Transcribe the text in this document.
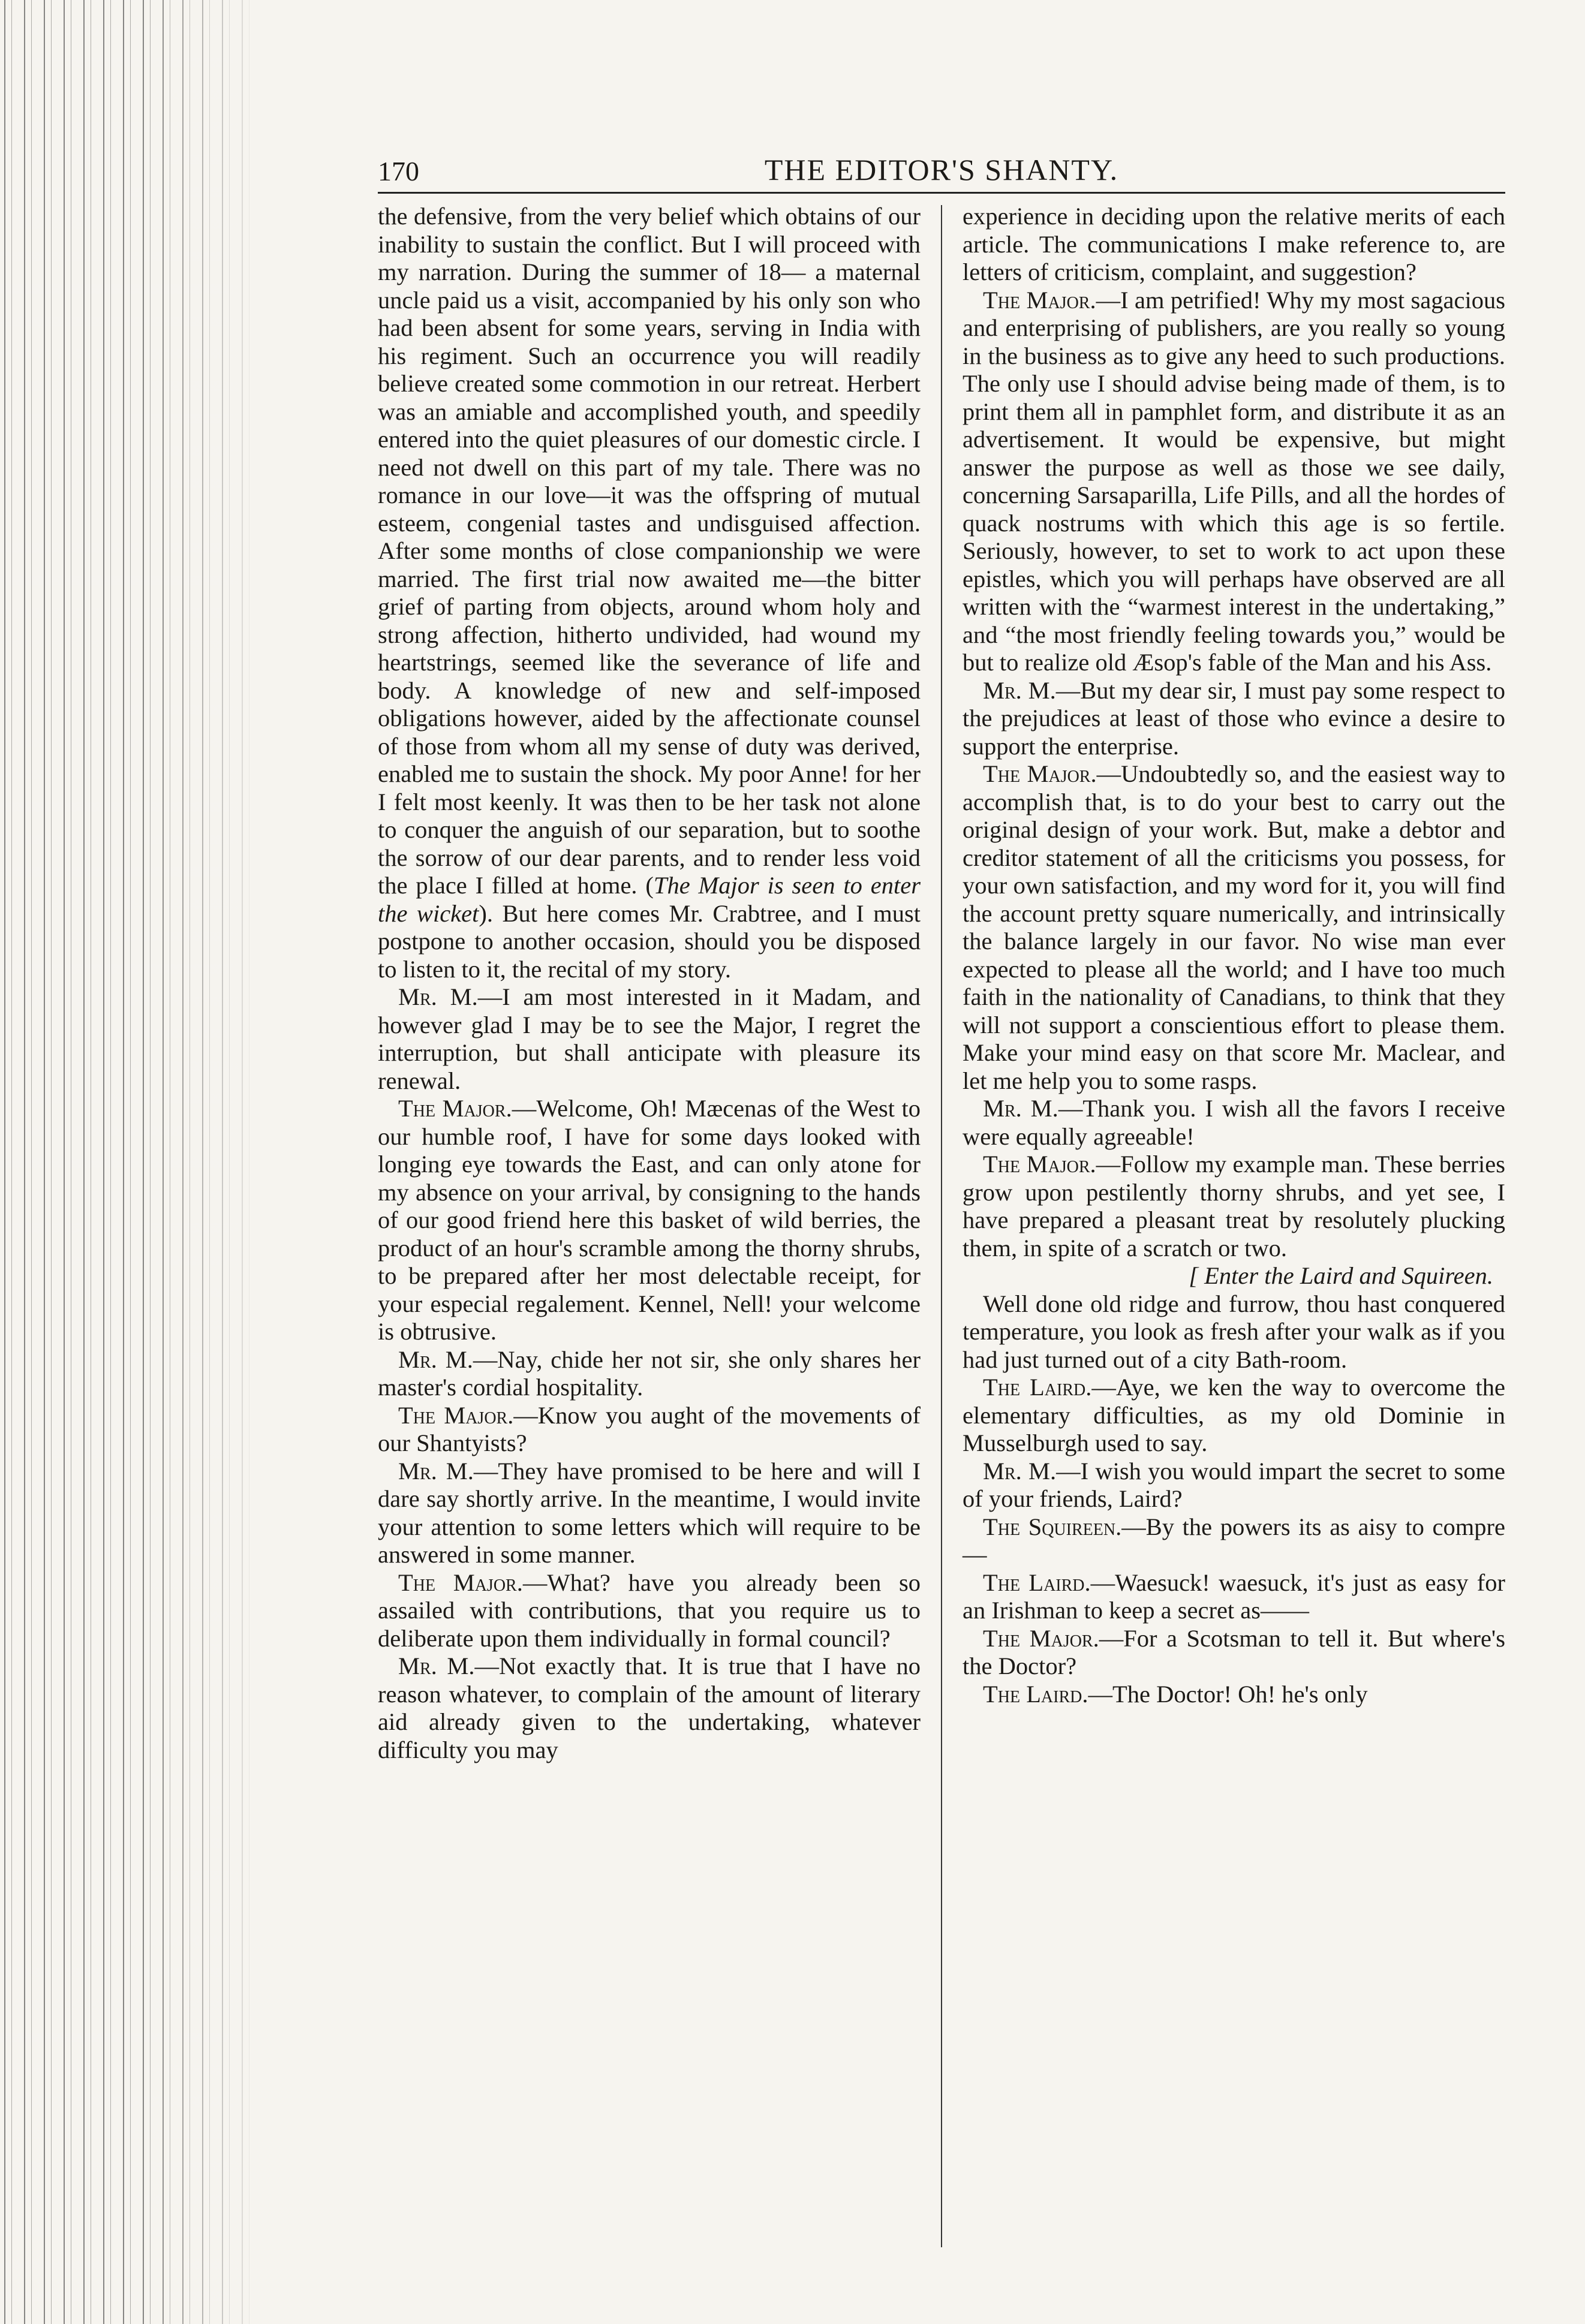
170	THE EDITOR'S SHANTY.

the defensive, from the very belief which obtains of our inability to sustain the conflict. But I will proceed with my narration. During the summer of 18— a maternal uncle paid us a visit, accompanied by his only son who had been absent for some years, serving in India with his regiment. Such an occurrence you will readily believe created some commotion in our retreat. Herbert was an amiable and accomplished youth, and speedily entered into the quiet pleasures of our domestic circle. I need not dwell on this part of my tale. There was no romance in our love—it was the offspring of mutual esteem, congenial tastes and undisguised affection. After some months of close companionship we were married. The first trial now awaited me—the bitter grief of parting from objects, around whom holy and strong affection, hitherto undivided, had wound my heartstrings, seemed like the severance of life and body. A knowledge of new and self-imposed obligations however, aided by the affectionate counsel of those from whom all my sense of duty was derived, enabled me to sustain the shock. My poor Anne! for her I felt most keenly. It was then to be her task not alone to conquer the anguish of our separation, but to soothe the sorrow of our dear parents, and to render less void the place I filled at home. (The Major is seen to enter the wicket). But here comes Mr. Crabtree, and I must postpone to another occasion, should you be disposed to listen to it, the recital of my story.

Mr. M.—I am most interested in it Madam, and however glad I may be to see the Major, I regret the interruption, but shall anticipate with pleasure its renewal.

The Major.—Welcome, Oh! Mæcenas of the West to our humble roof, I have for some days looked with longing eye towards the East, and can only atone for my absence on your arrival, by consigning to the hands of our good friend here this basket of wild berries, the product of an hour's scramble among the thorny shrubs, to be prepared after her most delectable receipt, for your especial regalement. Kennel, Nell! your welcome is obtrusive.

Mr. M.—Nay, chide her not sir, she only shares her master's cordial hospitality.

The Major.—Know you aught of the movements of our Shantyists?

Mr. M.—They have promised to be here and will I dare say shortly arrive. In the meantime, I would invite your attention to some letters which will require to be answered in some manner.

The Major.—What? have you already been so assailed with contributions, that you require us to deliberate upon them individually in formal council?

Mr. M.—Not exactly that. It is true that I have no reason whatever, to complain of the amount of literary aid already given to the undertaking, whatever difficulty you may

experience in deciding upon the relative merits of each article. The communications I make reference to, are letters of criticism, complaint, and suggestion?

The Major.—I am petrified! Why my most sagacious and enterprising of publishers, are you really so young in the business as to give any heed to such productions. The only use I should advise being made of them, is to print them all in pamphlet form, and distribute it as an advertisement. It would be expensive, but might answer the purpose as well as those we see daily, concerning Sarsaparilla, Life Pills, and all the hordes of quack nostrums with which this age is so fertile. Seriously, however, to set to work to act upon these epistles, which you will perhaps have observed are all written with the “warmest interest in the undertaking,” and “the most friendly feeling towards you,” would be but to realize old Æsop's fable of the Man and his Ass.

Mr. M.—But my dear sir, I must pay some respect to the prejudices at least of those who evince a desire to support the enterprise.

The Major.—Undoubtedly so, and the easiest way to accomplish that, is to do your best to carry out the original design of your work. But, make a debtor and creditor statement of all the criticisms you possess, for your own satisfaction, and my word for it, you will find the account pretty square numerically, and intrinsically the balance largely in our favor. No wise man ever expected to please all the world; and I have too much faith in the nationality of Canadians, to think that they will not support a conscientious effort to please them. Make your mind easy on that score Mr. Maclear, and let me help you to some rasps.

Mr. M.—Thank you. I wish all the favors I receive were equally agreeable!

The Major.—Follow my example man. These berries grow upon pestilently thorny shrubs, and yet see, I have prepared a pleasant treat by resolutely plucking them, in spite of a scratch or two.

[ Enter the Laird and Squireen.

Well done old ridge and furrow, thou hast conquered temperature, you look as fresh after your walk as if you had just turned out of a city Bath-room.

The Laird.—Aye, we ken the way to overcome the elementary difficulties, as my old Dominie in Musselburgh used to say.

Mr. M.—I wish you would impart the secret to some of your friends, Laird?

The Squireen.—By the powers its as aisy to compre—

The Laird.—Waesuck! waesuck, it's just as easy for an Irishman to keep a secret as——

The Major.—For a Scotsman to tell it. But where's the Doctor?

The Laird.—The Doctor! Oh! he's only
